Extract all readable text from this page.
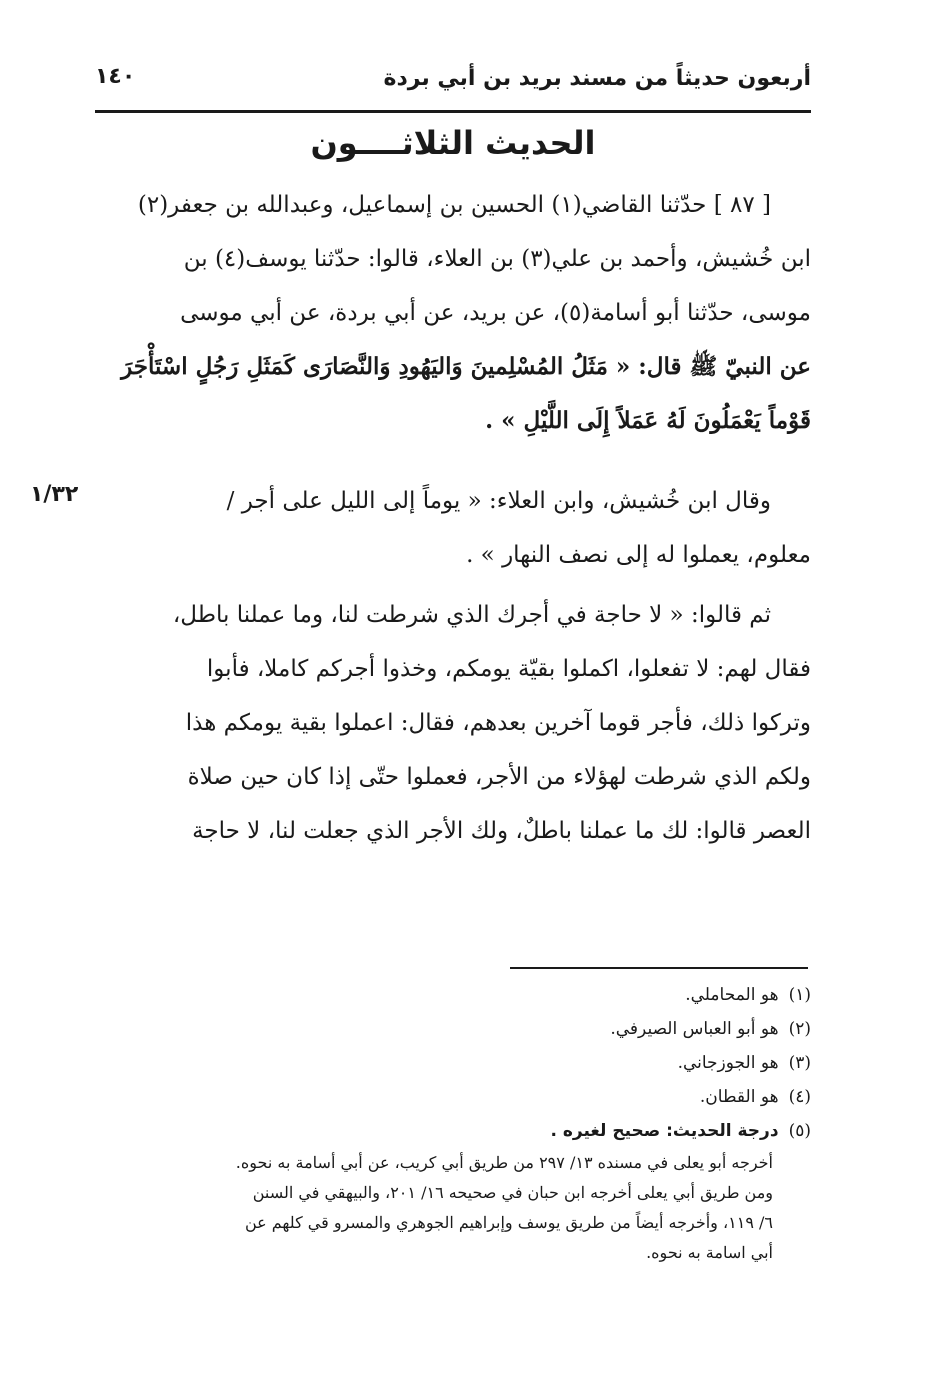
أربعون حديثاً من مسند بريد بن أبي بردة
١٤٠
الحديث الثلاثــــون
[ ٨٧ ] حدّثنا القاضي(١) الحسين بن إسماعيل، وعبدالله بن جعفر(٢)
ابن خُشيش، وأحمد بن علي(٣) بن العلاء، قالوا: حدّثنا يوسف(٤) بن
موسى، حدّثنا أبو أسامة(٥)، عن بريد، عن أبي بردة، عن أبي موسى
عن النبيّ ﷺ قال: « مَثَلُ المُسْلِمينَ وَاليَهُودِ وَالنَّصَارَى كَمَثَلِ رَجُلٍ اسْتَأْجَرَ
قَوْماً يَعْمَلُونَ لَهُ عَمَلاً إِلَى اللَّيْلِ » .
وقال ابن خُشيش، وابن العلاء: « يوماً إلى الليل على أجر /
معلوم، يعملوا له إلى نصف النهار » .
١/٣٢
ثم قالوا: « لا حاجة في أجرك الذي شرطت لنا، وما عملنا باطل،
فقال لهم: لا تفعلوا، اكملوا بقيّة يومكم، وخذوا أجركم كاملا، فأبوا
وتركوا ذلك، فأجر قوما آخرين بعدهم، فقال: اعملوا بقية يومكم هذا
ولكم الذي شرطت لهؤلاء من الأجر، فعملوا حتّى إذا كان حين صلاة
العصر قالوا: لك ما عملنا باطلٌ، ولك الأجر الذي جعلت لنا، لا حاجة
(١)هو المحاملي.
(٢)هو أبو العباس الصيرفي.
(٣)هو الجوزجاني.
(٤)هو القطان.
(٥)درجة الحديث: صحيح لغيره .
أخرجه أبو يعلى في مسنده ١٣/ ٢٩٧ من طريق أبي كريب، عن أبي أسامة به نحوه.
ومن طريق أبي يعلى أخرجه ابن حبان في صحيحه ١٦/ ٢٠١، والبيهقي في السنن
٦/ ١١٩، وأخرجه أيضاً من طريق يوسف وإبراهيم الجوهري والمسرو قي كلهم عن
أبي اسامة به نحوه.
